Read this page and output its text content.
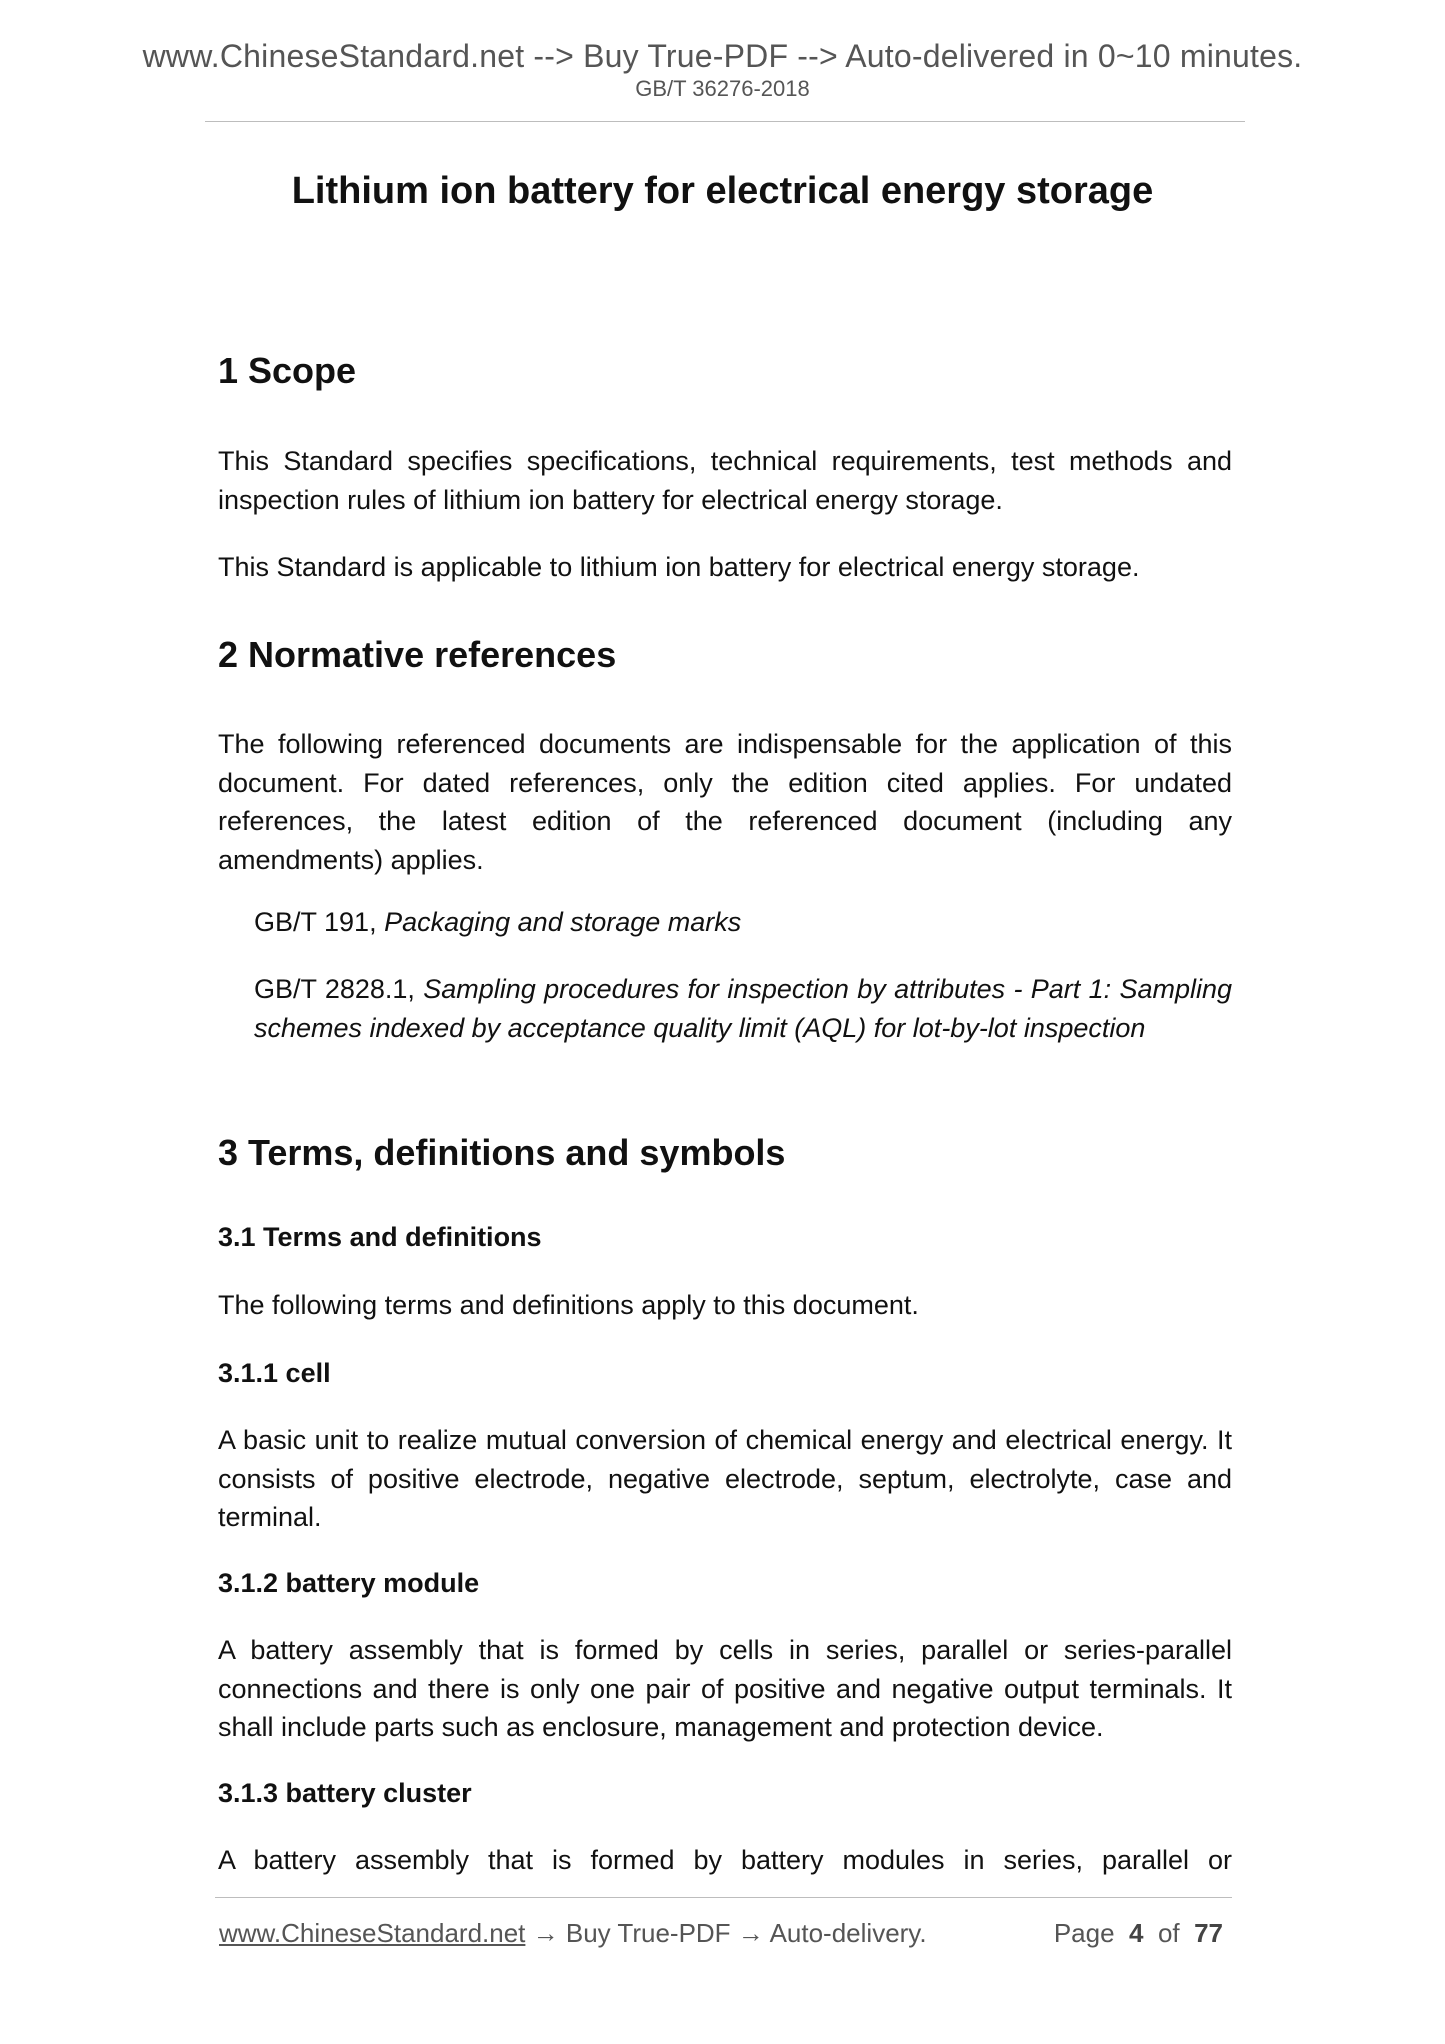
www.ChineseStandard.net --> Buy True-PDF --> Auto-delivered in 0~10 minutes.
GB/T 36276-2018
Lithium ion battery for electrical energy storage
1 Scope

This Standard specifies specifications, technical requirements, test methods and inspection rules of lithium ion battery for electrical energy storage.

This Standard is applicable to lithium ion battery for electrical energy storage.

2 Normative references

The following referenced documents are indispensable for the application of this document. For dated references, only the edition cited applies. For undated references, the latest edition of the referenced document (including any amendments) applies.

GB/T 191, Packaging and storage marks

GB/T 2828.1, Sampling procedures for inspection by attributes - Part 1: Sampling schemes indexed by acceptance quality limit (AQL) for lot-by-lot inspection

3 Terms, definitions and symbols
3.1 Terms and definitions

The following terms and definitions apply to this document.

3.1.1 cell

A basic unit to realize mutual conversion of chemical energy and electrical energy. It consists of positive electrode, negative electrode, septum, electrolyte, case and terminal.

3.1.2 battery module

A battery assembly that is formed by cells in series, parallel or series-parallel connections and there is only one pair of positive and negative output terminals. It shall include parts such as enclosure, management and protection device.

3.1.3 battery cluster

A battery assembly that is formed by battery modules in series, parallel or

www.ChineseStandard.net → Buy True-PDF → Auto-delivery.	Page 4 of 77
